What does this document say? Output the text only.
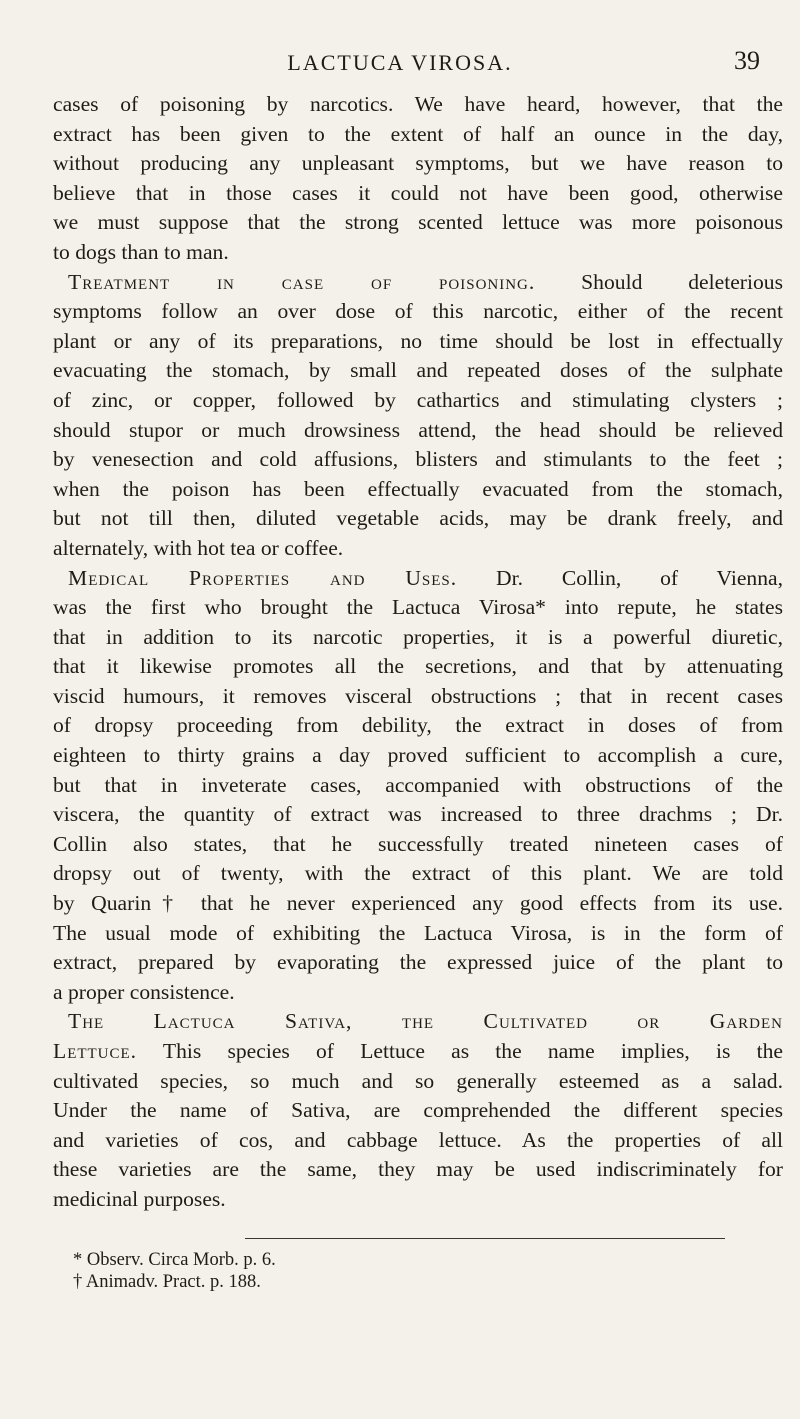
LACTUCA VIROSA.	39
cases of poisoning by narcotics. We have heard, however, that the
extract has been given to the extent of half an ounce in the day,
without producing any unpleasant symptoms, but we have reason to
believe that in those cases it could not have been good, otherwise
we must suppose that the strong scented lettuce was more poisonous
to dogs than to man.
Treatment in case of poisoning. Should deleterious
symptoms follow an over dose of this narcotic, either of the recent
plant or any of its preparations, no time should be lost in effectually
evacuating the stomach, by small and repeated doses of the sulphate
of zinc, or copper, followed by cathartics and stimulating clysters ;
should stupor or much drowsiness attend, the head should be relieved
by venesection and cold affusions, blisters and stimulants to the feet ;
when the poison has been effectually evacuated from the stomach,
but not till then, diluted vegetable acids, may be drank freely, and
alternately, with hot tea or coffee.
Medical Properties and Uses. Dr. Collin, of Vienna,
was the first who brought the Lactuca Virosa* into repute, he states
that in addition to its narcotic properties, it is a powerful diuretic,
that it likewise promotes all the secretions, and that by attenuating
viscid humours, it removes visceral obstructions ; that in recent cases
of dropsy proceeding from debility, the extract in doses of from
eighteen to thirty grains a day proved sufficient to accomplish a cure,
but that in inveterate cases, accompanied with obstructions of the
viscera, the quantity of extract was increased to three drachms ; Dr.
Collin also states, that he successfully treated nineteen cases of
dropsy out of twenty, with the extract of this plant. We are told
by Quarin† that he never experienced any good effects from its use.
The usual mode of exhibiting the Lactuca Virosa, is in the form of
extract, prepared by evaporating the expressed juice of the plant to
a proper consistence.
The Lactuca Sativa, the Cultivated or Garden
Lettuce. This species of Lettuce as the name implies, is the
cultivated species, so much and so generally esteemed as a salad.
Under the name of Sativa, are comprehended the different species
and varieties of cos, and cabbage lettuce. As the properties of all
these varieties are the same, they may be used indiscriminately for
medicinal purposes.
* Observ. Circa Morb. p. 6.
† Animadv. Pract. p. 188.
